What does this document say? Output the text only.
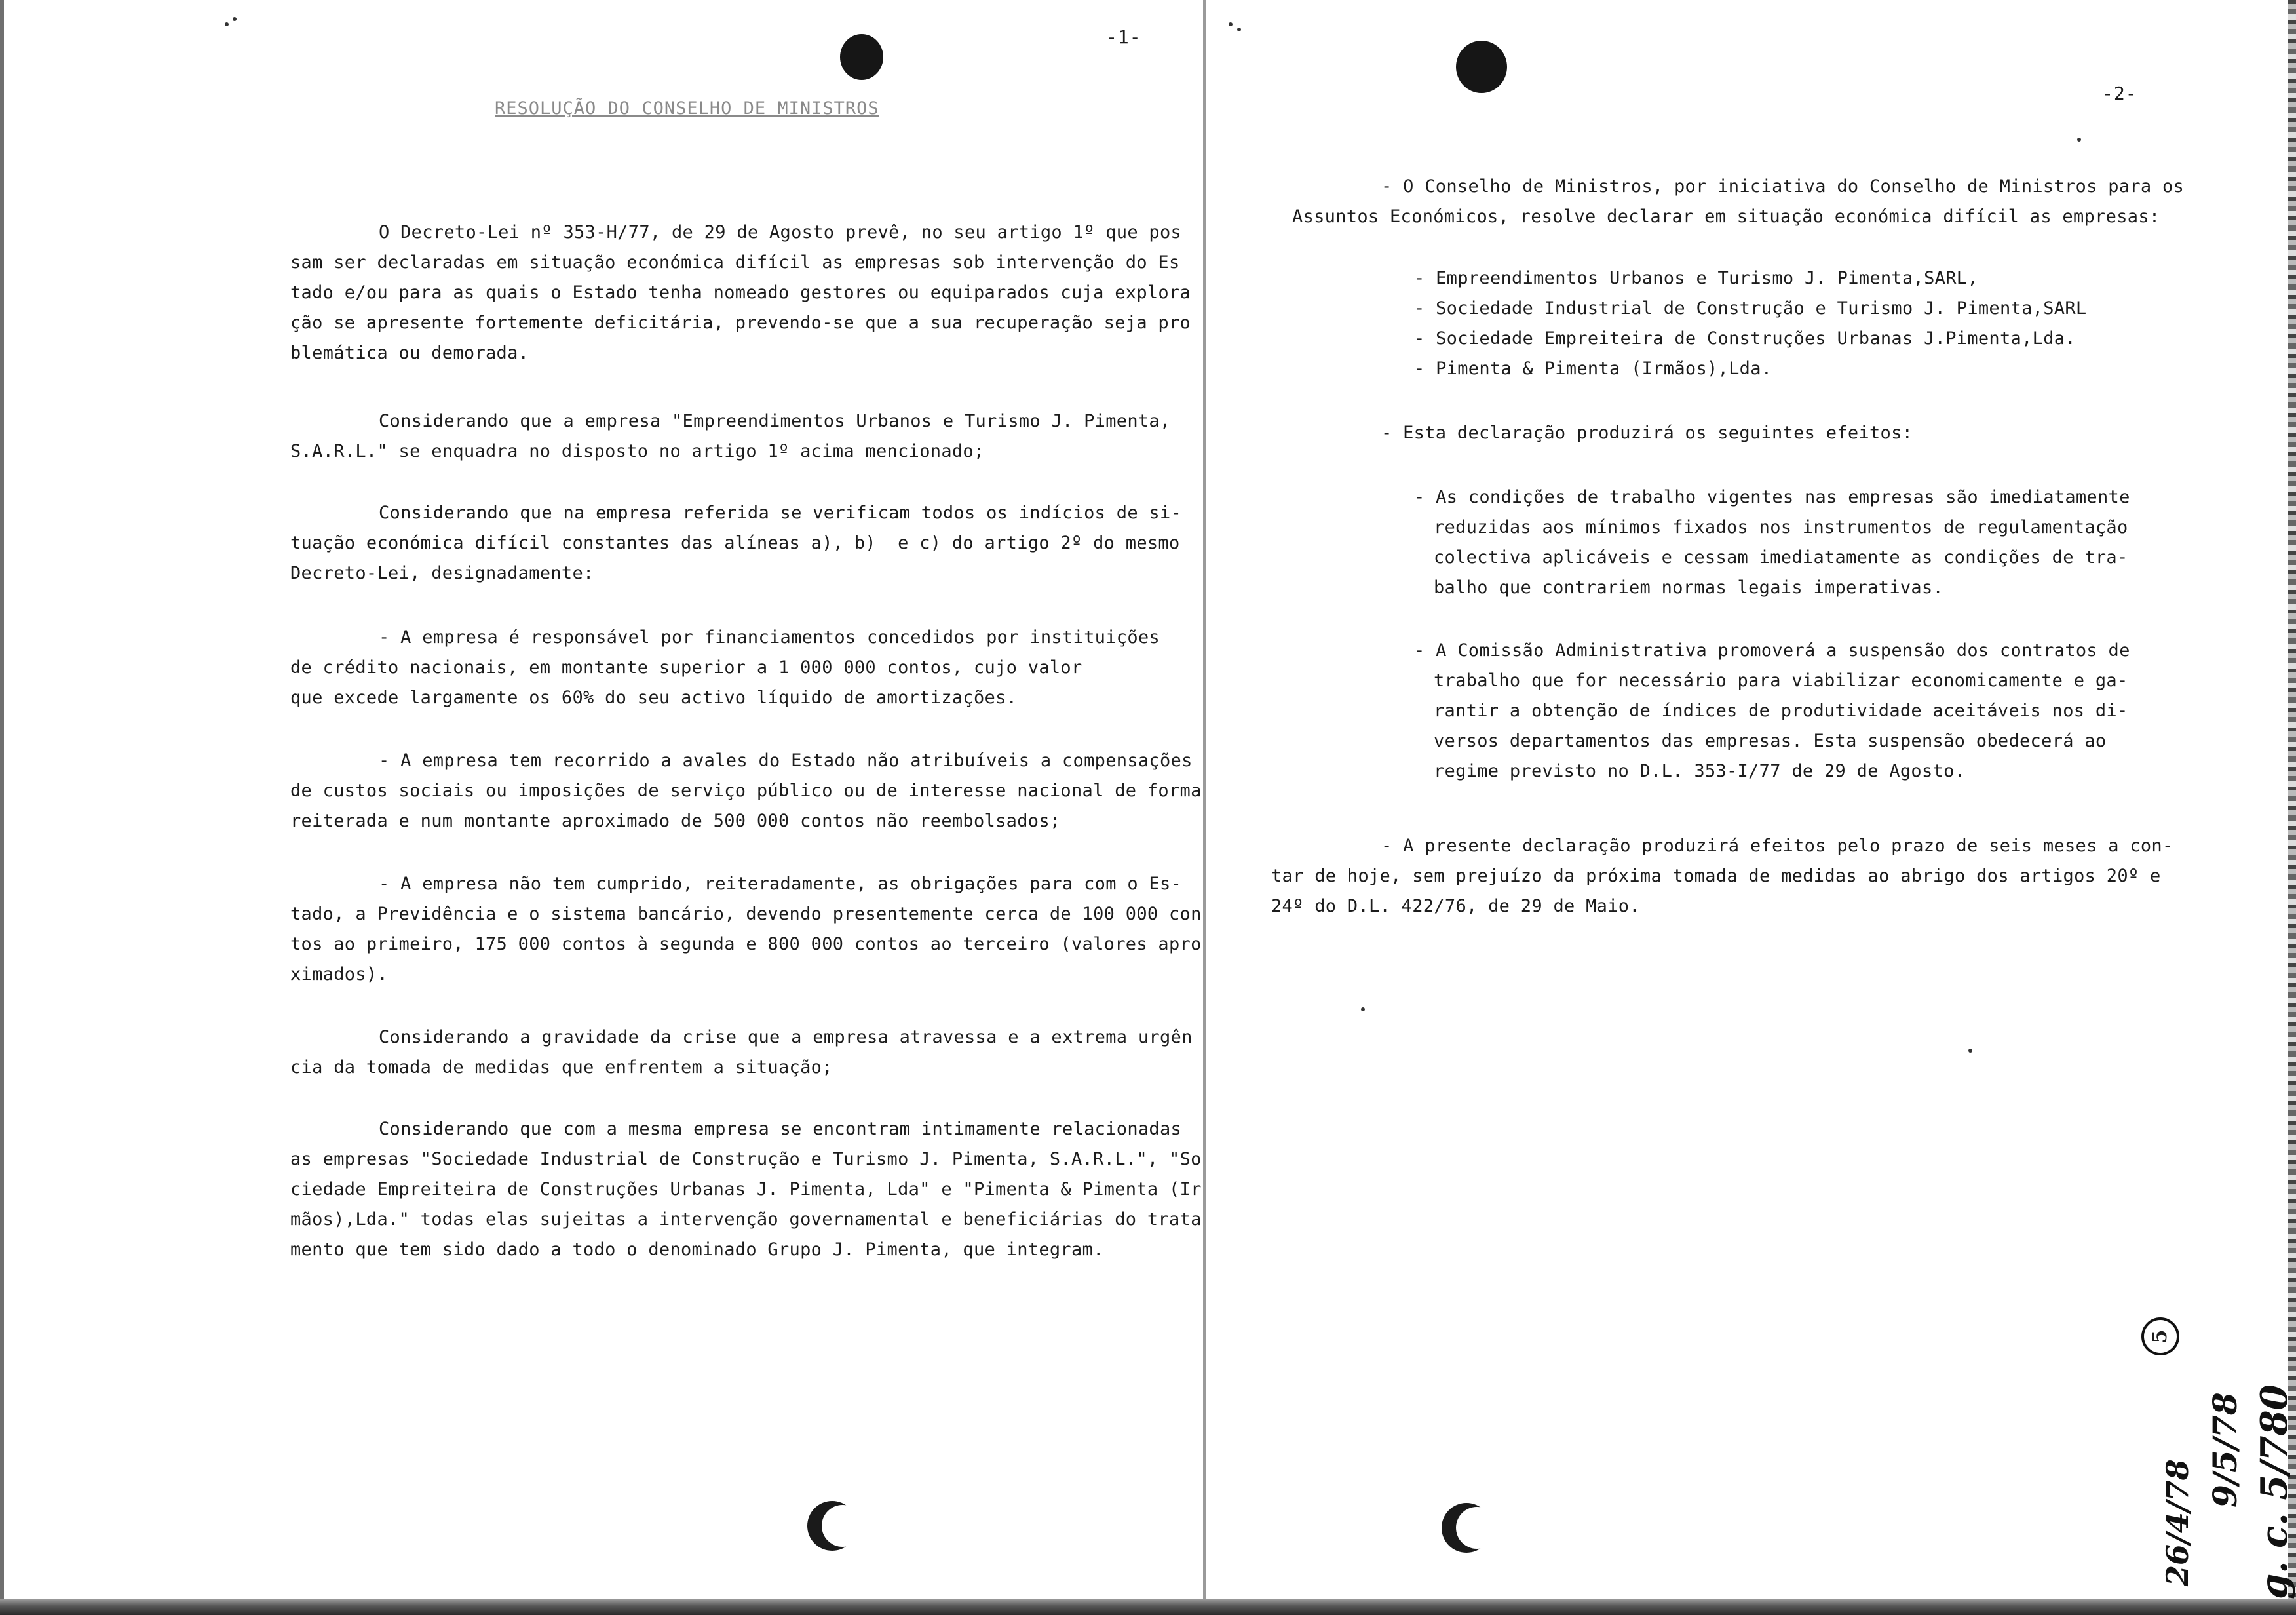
-1-
-2-
RESOLUÇÃO DO CONSELHO DE MINISTROS
O Decreto-Lei nº 353-H/77, de 29 de Agosto prevê, no seu artigo 1º que pos
sam ser declaradas em situação económica difícil as empresas sob intervenção do Es
tado e/ou para as quais o Estado tenha nomeado gestores ou equiparados cuja explora
ção se apresente fortemente deficitária, prevendo-se que a sua recuperação seja pro
blemática ou demorada.
Considerando que a empresa "Empreendimentos Urbanos e Turismo J. Pimenta,
S.A.R.L." se enquadra no disposto no artigo 1º acima mencionado;
Considerando que na empresa referida se verificam todos os indícios de si-
tuação económica difícil constantes das alíneas a), b)  e c) do artigo 2º do mesmo
Decreto-Lei, designadamente:
- A empresa é responsável por financiamentos concedidos por instituições
de crédito nacionais, em montante superior a 1 000 000 contos, cujo valor
que excede largamente os 60% do seu activo líquido de amortizações.
- A empresa tem recorrido a avales do Estado não atribuíveis a compensações
de custos sociais ou imposições de serviço público ou de interesse nacional de forma
reiterada e num montante aproximado de 500 000 contos não reembolsados;
- A empresa não tem cumprido, reiteradamente, as obrigações para com o Es-
tado, a Previdência e o sistema bancário, devendo presentemente cerca de 100 000 con
tos ao primeiro, 175 000 contos à segunda e 800 000 contos ao terceiro (valores apro
ximados).
Considerando a gravidade da crise que a empresa atravessa e a extrema urgên
cia da tomada de medidas que enfrentem a situação;
Considerando que com a mesma empresa se encontram intimamente relacionadas
as empresas "Sociedade Industrial de Construção e Turismo J. Pimenta, S.A.R.L.", "So
ciedade Empreiteira de Construções Urbanas J. Pimenta, Lda" e "Pimenta & Pimenta (Ir
mãos),Lda." todas elas sujeitas a intervenção governamental e beneficiárias do trata
mento que tem sido dado a todo o denominado Grupo J. Pimenta, que integram.
- O Conselho de Ministros, por iniciativa do Conselho de Ministros para os
Assuntos Económicos, resolve declarar em situação económica difícil as empresas:
- Empreendimentos Urbanos e Turismo J. Pimenta,SARL,
- Sociedade Industrial de Construção e Turismo J. Pimenta,SARL
- Sociedade Empreiteira de Construções Urbanas J.Pimenta,Lda.
- Pimenta & Pimenta (Irmãos),Lda.
- Esta declaração produzirá os seguintes efeitos:
- As condições de trabalho vigentes nas empresas são imediatamente
reduzidas aos mínimos fixados nos instrumentos de regulamentação
colectiva aplicáveis e cessam imediatamente as condições de tra-
balho que contrariem normas legais imperativas.
- A Comissão Administrativa promoverá a suspensão dos contratos de
trabalho que for necessário para viabilizar economicamente e ga-
rantir a obtenção de índices de produtividade aceitáveis nos di-
versos departamentos das empresas. Esta suspensão obedecerá ao
regime previsto no D.L. 353-I/77 de 29 de Agosto.
- A presente declaração produzirá efeitos pelo prazo de seis meses a con-
tar de hoje, sem prejuízo da próxima tomada de medidas ao abrigo dos artigos 20º e
24º do D.L. 422/76, de 29 de Maio.
5
26/4/78
9/5/78 g. c. 5/780
